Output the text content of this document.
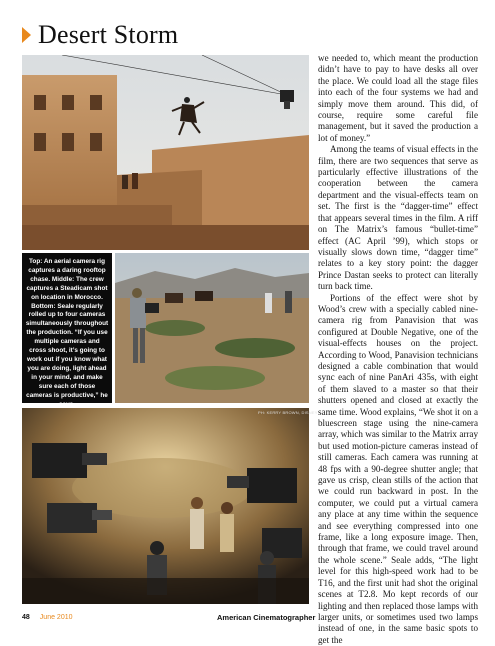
Desert Storm
Top: An aerial camera rig captures a daring rooftop chase. Middle: The crew captures a Steadicam shot on location in Morocco. Bottom: Seale regularly rolled up to four cameras simultaneously throughout the production. “If you use multiple cameras and cross shoot, it’s going to work out if you know what you are doing, light ahead in your mind, and make sure each of those cameras is productive,” he says.
PH: KERRY BROWN, DISNEY

we needed to, which meant the production didn’t have to pay to have desks all over the place. We could load all the stage files into each of the four systems we had and simply move them around. This did, of course, require some careful file management, but it saved the production a lot of money.”

Among the teams of visual effects in the film, there are two sequences that serve as particularly effective illustrations of the cooperation between the camera department and the visual-effects team on set. The first is the “dagger-time” effect that appears several times in the film. A riff on The Matrix’s famous “bullet-time” effect (AC April ’99), which stops or visually slows down time, “dagger time” relates to a key story point: the dagger Prince Dastan seeks to protect can literally turn back time.

Portions of the effect were shot by Wood’s crew with a specially cabled nine-camera rig from Panavision that was configured at Double Negative, one of the visual-effects houses on the project. According to Wood, Panavision technicians designed a cable combination that would sync each of nine PanAri 435s, with eight of them slaved to a master so that their shutters opened and closed at exactly the same time. Wood explains, “We shot it on a bluescreen stage using the nine-camera array, which was similar to the Matrix array but used motion-picture cameras instead of still cameras. Each camera was running at 48 fps with a 90-degree shutter angle; that gave us crisp, clean stills of the action that we could run backward in post. In the computer, we could put a virtual camera any place at any time within the sequence and see everything compressed into one frame, like a long exposure image. Then, through that frame, we could travel around the whole scene.” Seale adds, “The light level for this high-speed work had to be T16, and the first unit had shot the original scenes at T2.8. Mo kept records of our lighting and then replaced those lamps with larger units, or sometimes used two lamps instead of one, in the same basic spots to get the

48 June 2010	American Cinematographer
